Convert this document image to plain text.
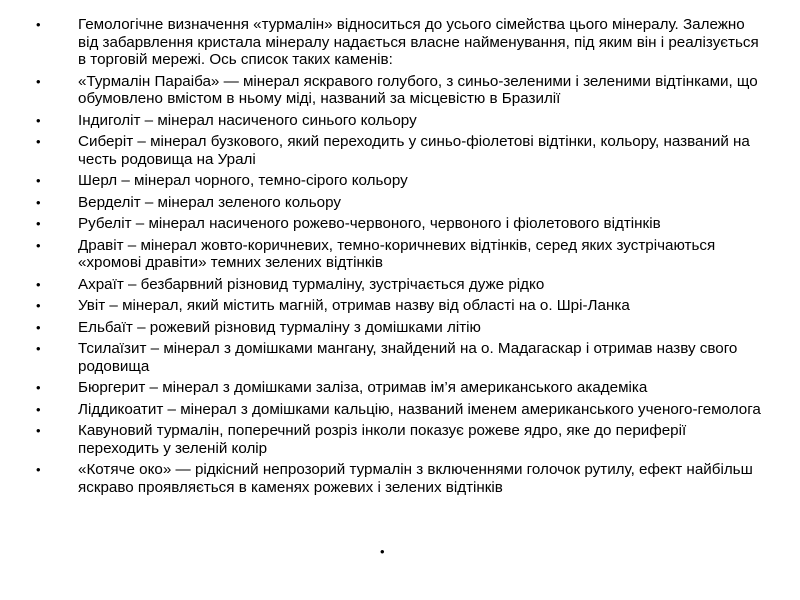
• Гемологічне визначення «турмалін» відноситься до усього сімейства цього мінералу. Залежно від забарвлення кристала мінералу надається власне найменування, під яким він і реалізується в торговій мережі. Ось список таких каменів:
• «Турмалін Параіба» — мінерал яскравого голубого, з синьо-зеленими і зеленими відтінками, що обумовлено вмістом в ньому міді, названий за місцевістю в Бразилії
• Індиголіт – мінерал насиченого синього кольору
• Сиберіт – мінерал бузкового, який переходить у синьо-фіолетові відтінки, кольору, названий на честь родовища на Уралі
• Шерл – мінерал чорного, темно-сірого кольору
• Верделіт – мінерал зеленого кольору
• Рубеліт – мінерал насиченого рожево-червоного, червоного і фіолетового відтінків
• Дравіт – мінерал жовто-коричневих, темно-коричневих відтінків, серед яких зустрічаються «хромові дравіти» темних зелених відтінків
• Ахраїт – безбарвний різновид турмаліну, зустрічається дуже рідко
• Увіт – мінерал, який містить магній, отримав назву від області на о. Шрі-Ланка
• Ельбаїт – рожевий різновид турмаліну з домішками літію
• Тсилаїзит – мінерал з домішками мангану, знайдений на о. Мадагаскар і отримав назву свого родовища
• Бюргерит – мінерал з домішками заліза, отримав ім’я американського академіка
• Ліддикоатит – мінерал з домішками кальцію, названий іменем американського ученого-гемолога
• Кавуновий турмалін, поперечний розріз інколи показує рожеве ядро, яке до периферії переходить у зеленій колір
• «Котяче око» — рідкісний непрозорий турмалін з включеннями голочок рутилу, ефект найбільш яскраво проявляється в каменях рожевих і зелених відтінків
•
